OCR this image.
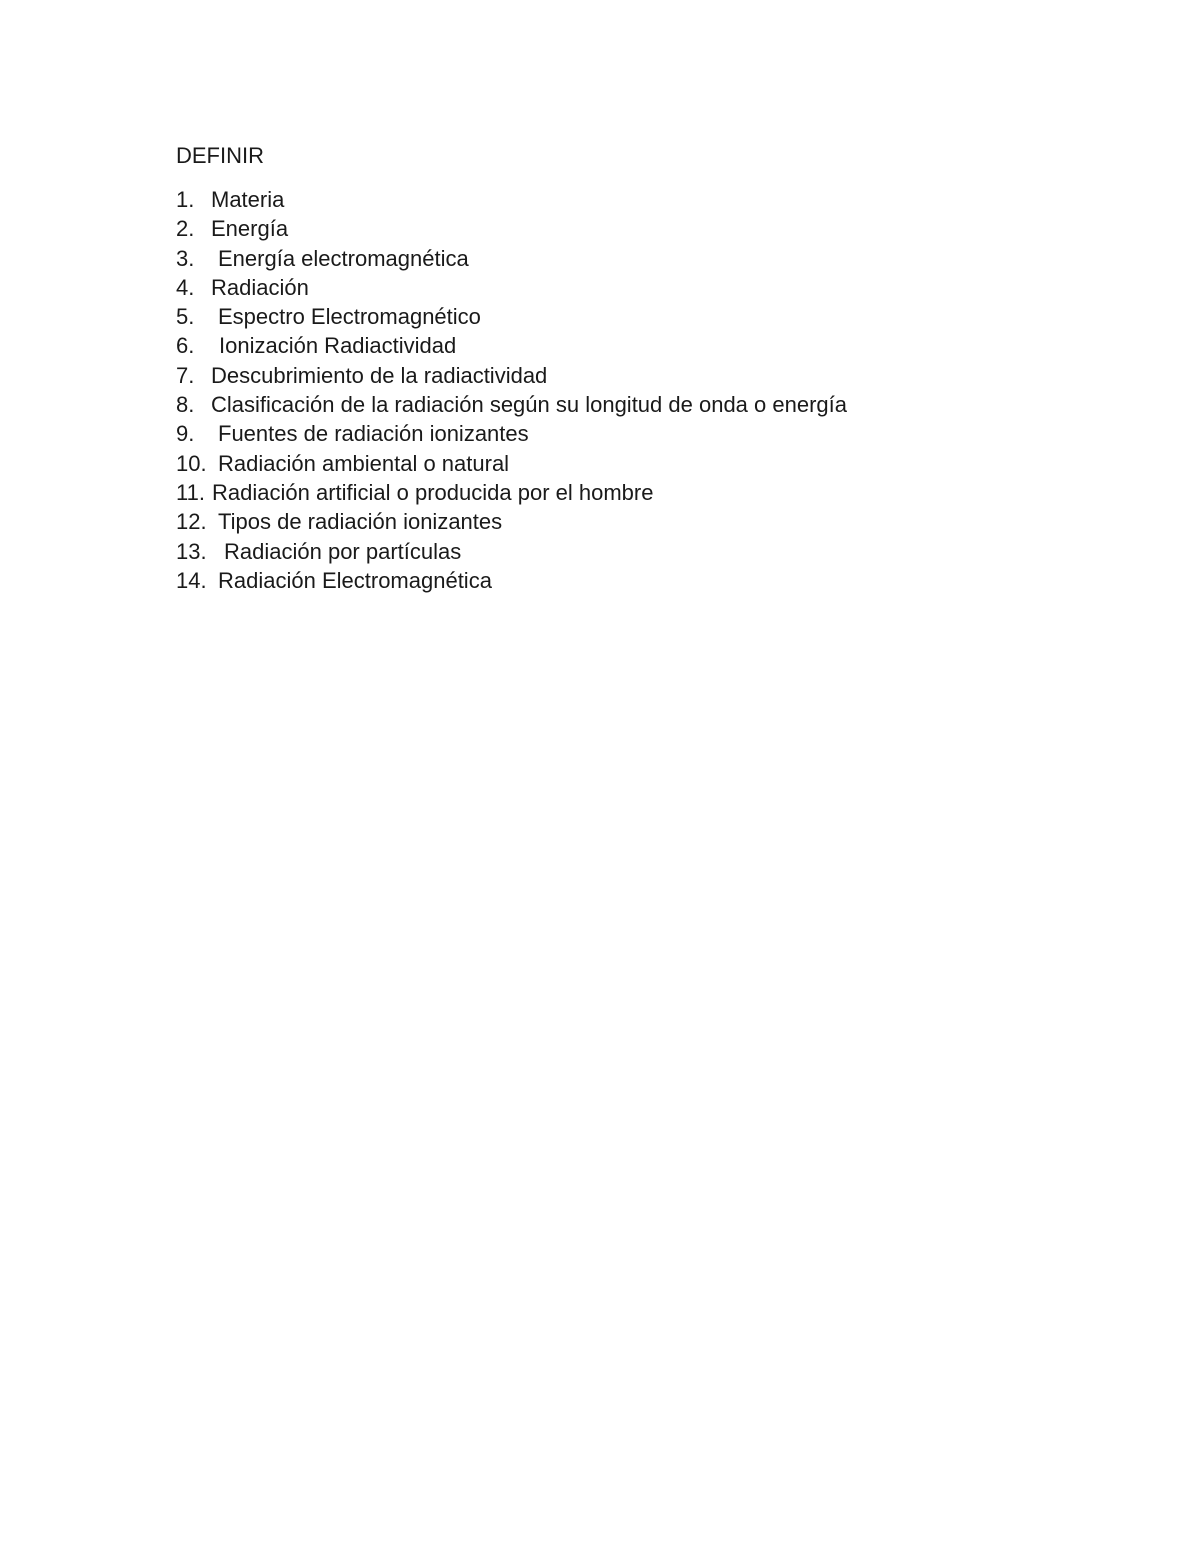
DEFINIR

1.

Materia

2.

Energía

3.

Energía electromagnética

4.

Radiación

5.

Espectro Electromagnético

6.

Ionización Radiactividad

7.

Descubrimiento de la radiactividad

8.

Clasificación de la radiación según su longitud de onda o energía

9.

Fuentes de radiación ionizantes

10.

Radiación ambiental o natural

11.

Radiación artificial o producida por el hombre

12.

Tipos de radiación ionizantes

13.

Radiación por partículas

14.

Radiación Electromagnética
